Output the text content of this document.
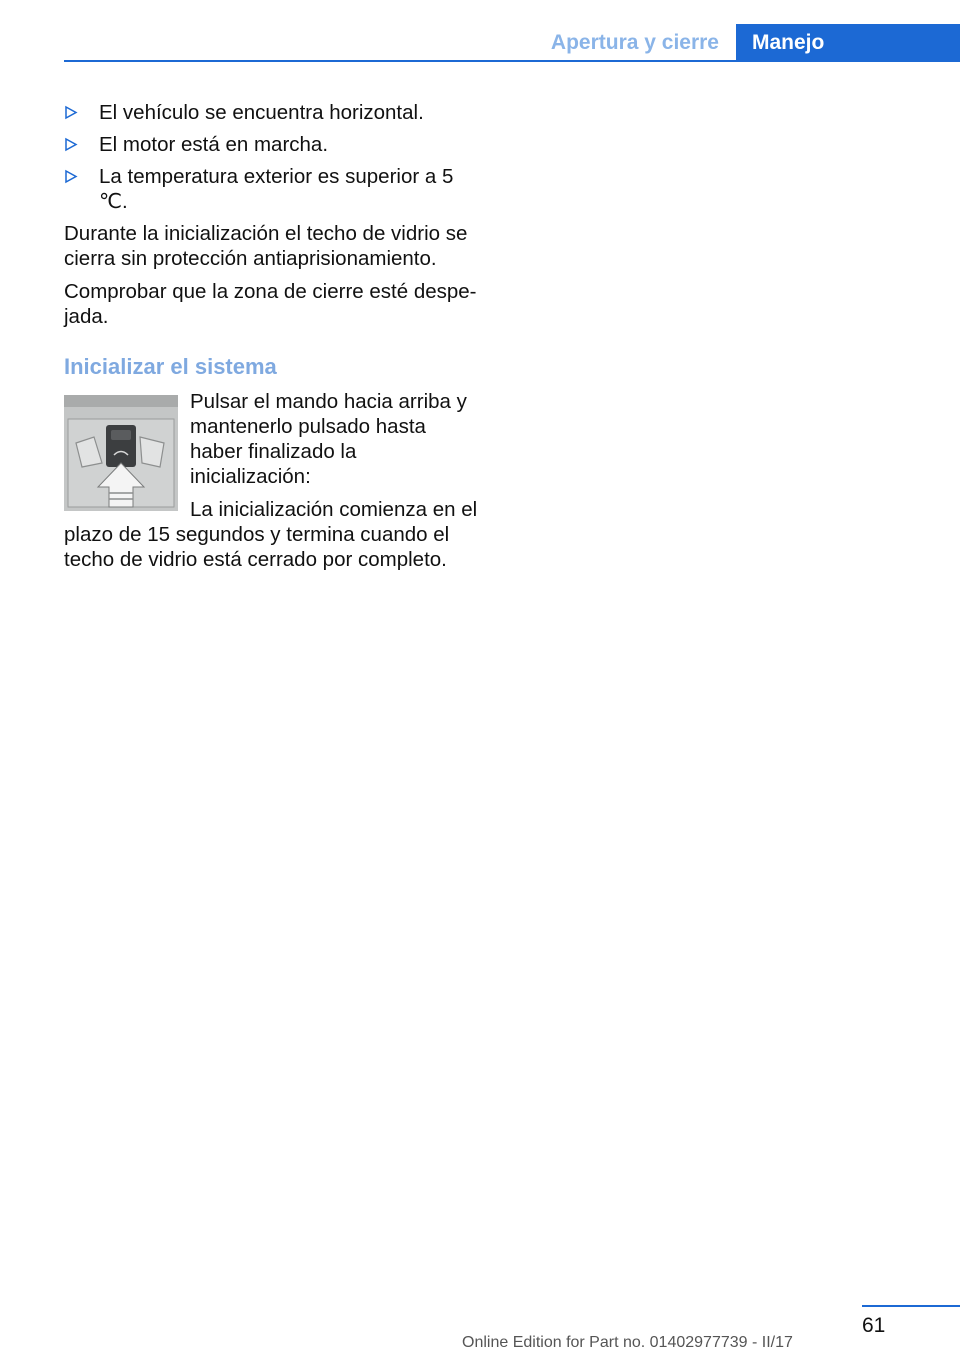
Apertura y cierre	Manejo
El vehículo se encuentra horizontal.
El motor está en marcha.
La temperatura exterior es superior a 5 ℃.

Durante la inicialización el techo de vidrio se cierra sin protección antiaprisionamiento.

Comprobar que la zona de cierre esté despe‐jada.

Inicializar el sistema

Pulsar el mando hacia arriba y mantenerlo pulsado hasta haber finalizado la inicialización:

La inicialización comienza en el plazo de 15 segundos y termina cuando el techo de vidrio está cerrado por completo.

61
Online Edition for Part no. 01402977739 - II/17
